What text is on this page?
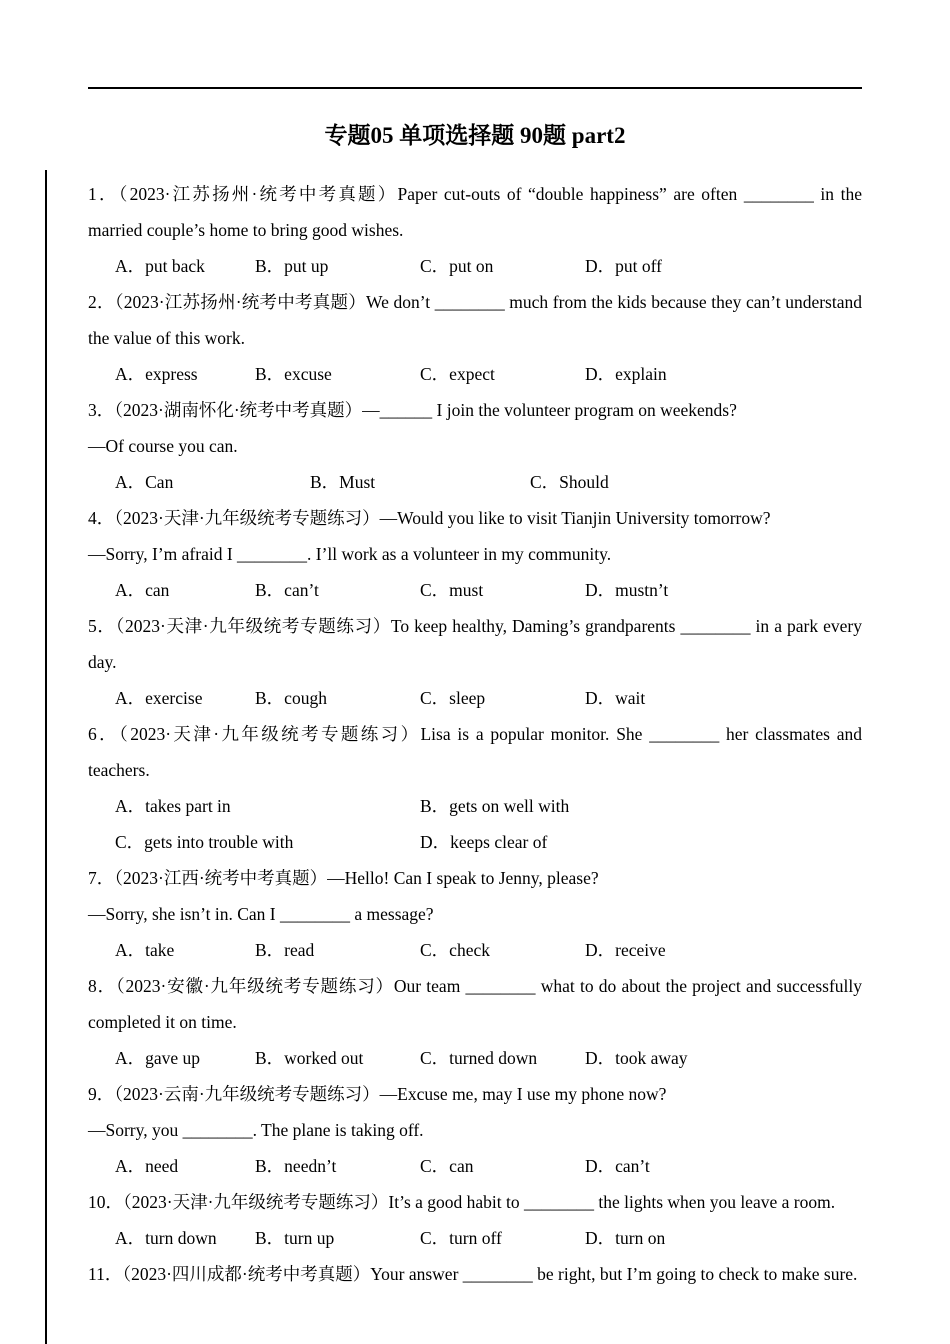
专题05 单项选择题 90题 part2

1．（2023·江苏扬州·统考中考真题）Paper cut-outs of “double happiness” are often ________ in the married couple’s home to bring good wishes.

A．put back	B．put up	C．put on	D．put off

2．（2023·江苏扬州·统考中考真题）We don’t ________ much from the kids because they can’t understand the value of this work.

A．express	B．excuse	C．expect	D．explain

3．（2023·湖南怀化·统考中考真题）—______ I join the volunteer program on weekends?

—Of course you can.

A．Can	B．Must	C．Should

4．（2023·天津·九年级统考专题练习）—Would you like to visit Tianjin University tomorrow?

—Sorry, I’m afraid I ________. I’ll work as a volunteer in my community.

A．can	B．can’t	C．must	D．mustn’t

5．（2023·天津·九年级统考专题练习）To keep healthy, Daming’s grandparents ________ in a park every day.

A．exercise	B．cough	C．sleep	D．wait

6．（2023·天津·九年级统考专题练习）Lisa is a popular monitor. She ________ her classmates and teachers.

A．takes part in	B．gets on well with
C．gets into trouble with	D．keeps clear of

7．（2023·江西·统考中考真题）—Hello! Can I speak to Jenny, please?

—Sorry, she isn’t in. Can I ________ a message?

A．take	B．read	C．check	D．receive

8．（2023·安徽·九年级统考专题练习）Our team ________ what to do about the project and successfully completed it on time.

A．gave up	B．worked out	C．turned down	D．took away

9．（2023·云南·九年级统考专题练习）—Excuse me, may I use my phone now?

—Sorry, you ________. The plane is taking off.

A．need	B．needn’t	C．can	D．can’t

10．（2023·天津·九年级统考专题练习）It’s a good habit to ________ the lights when you leave a room.

A．turn down	B．turn up	C．turn off	D．turn on

11．（2023·四川成都·统考中考真题）Your answer ________ be right, but I’m going to check to make sure.
